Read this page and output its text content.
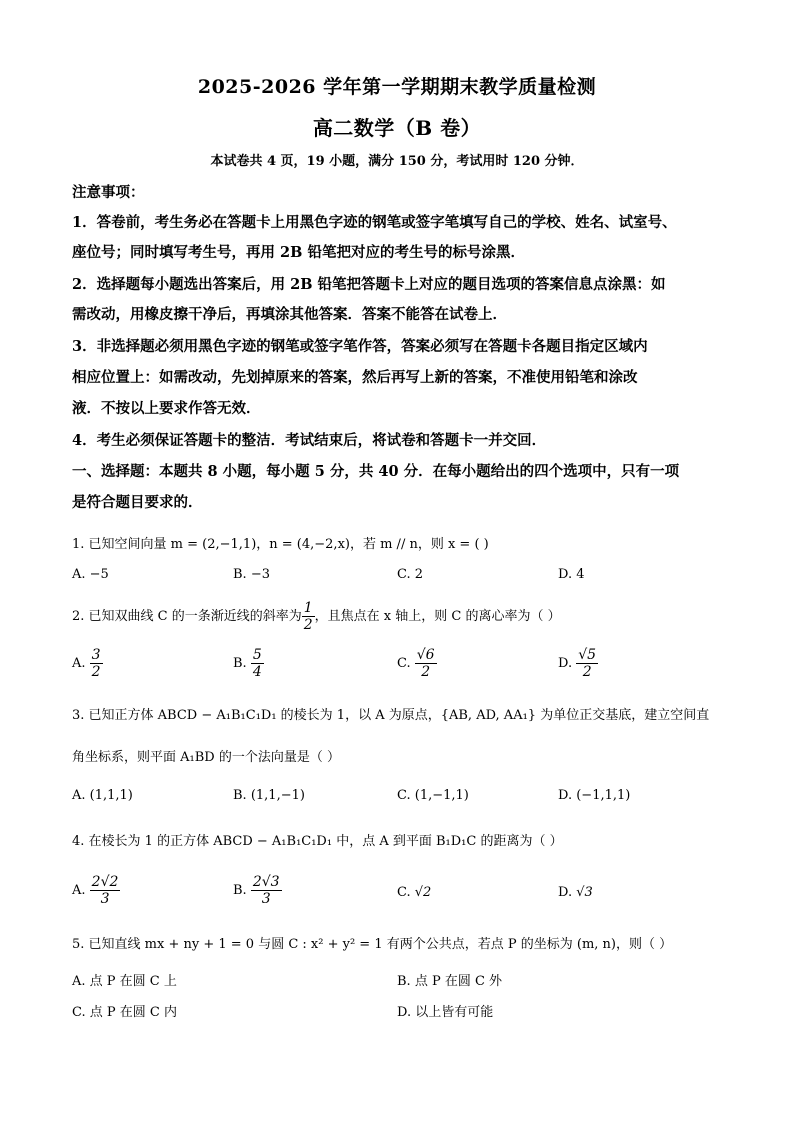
2025-2026 学年第一学期期末教学质量检测
高二数学（B 卷）
本试卷共 4 页，19 小题，满分 150 分，考试用时 120 分钟．
注意事项：
1．答卷前，考生务必在答题卡上用黑色字迹的钢笔或签字笔填写自己的学校、姓名、试室号、
座位号；同时填写考生号，再用 2B 铅笔把对应的考生号的标号涂黑．
2．选择题每小题选出答案后，用 2B 铅笔把答题卡上对应的题目选项的答案信息点涂黑：如
需改动，用橡皮擦干净后，再填涂其他答案．答案不能答在试卷上．
3．非选择题必须用黑色字迹的钢笔或签字笔作答，答案必须写在答题卡各题目指定区域内
相应位置上：如需改动，先划掉原来的答案，然后再写上新的答案，不准使用铅笔和涂改
液．不按以上要求作答无效．
4．考生必须保证答题卡的整洁．考试结束后，将试卷和答题卡一并交回．
一、选择题：本题共 8 小题，每小题 5 分，共 40 分．在每小题给出的四个选项中，只有一项
是符合题目要求的．
1. 已知空间向量 m = (2,−1,1)，n = (4,−2,x)，若 m // n，则 x = ( )
A. −5	B. −3	C. 2	D. 4
2. 已知双曲线 C 的一条渐近线的斜率为 $\frac{1}{2}$ ，且焦点在 x 轴上，则 C 的离心率为（ ）
A. $\frac{3}{2}$	B. $\frac{5}{4}$	C. $\frac{√6}{2}$	D. $\frac{√5}{2}$
3. 已知正方体 ABCD − A₁B₁C₁D₁ 的棱长为 1，以 A 为原点，{AB, AD, AA₁} 为单位正交基底，建立空间直
角坐标系，则平面 A₁BD 的一个法向量是（ ）
A. (1,1,1)	B. (1,1,−1)	C. (1,−1,1)	D. (−1,1,1)
4. 在棱长为 1 的正方体 ABCD − A₁B₁C₁D₁ 中，点 A 到平面 B₁D₁C 的距离为（ ）
A. $\frac{2√2}{3}$	B. $\frac{2√3}{3}$	C. √2	D. √3
5. 已知直线 mx + ny + 1 = 0 与圆 C : x² + y² = 1 有两个公共点，若点 P 的坐标为 (m, n)，则（ ）
A. 点 P 在圆 C 上	B. 点 P 在圆 C 外
C. 点 P 在圆 C 内	D. 以上皆有可能
